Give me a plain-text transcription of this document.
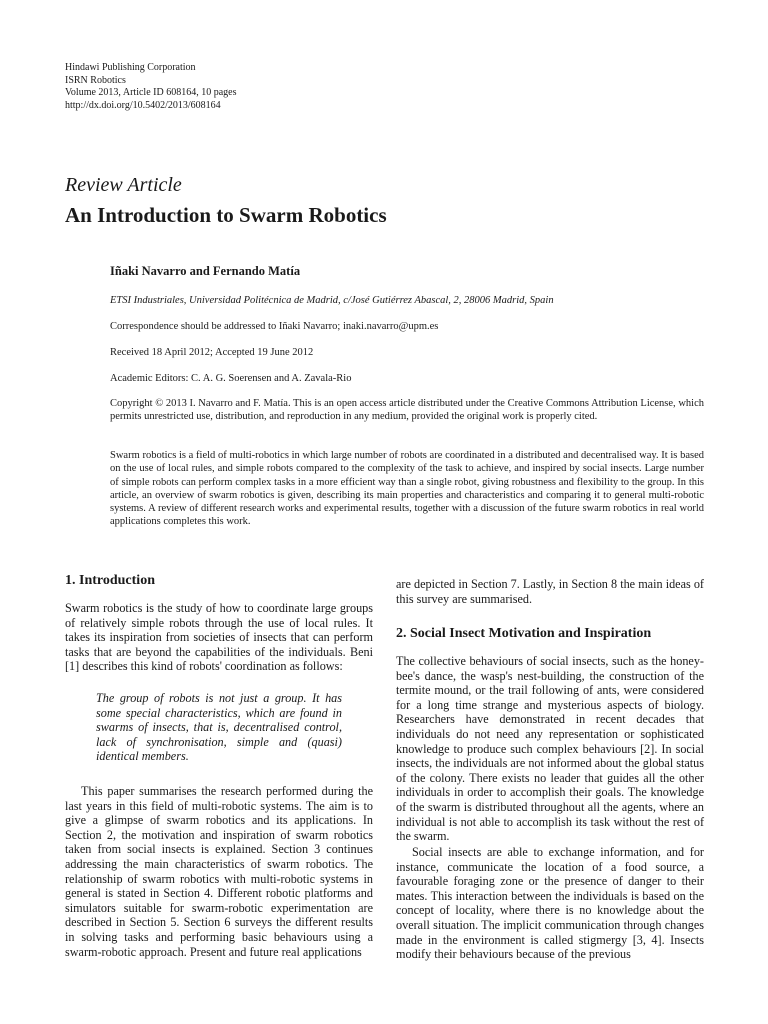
Hindawi Publishing Corporation
ISRN Robotics
Volume 2013, Article ID 608164, 10 pages
http://dx.doi.org/10.5402/2013/608164
Review Article
An Introduction to Swarm Robotics
Iñaki Navarro and Fernando Matía

ETSI Industriales, Universidad Politécnica de Madrid, c/José Gutiérrez Abascal, 2, 28006 Madrid, Spain

Correspondence should be addressed to Iñaki Navarro; inaki.navarro@upm.es

Received 18 April 2012; Accepted 19 June 2012

Academic Editors: C. A. G. Soerensen and A. Zavala-Rio

Copyright © 2013 I. Navarro and F. Matía. This is an open access article distributed under the Creative Commons Attribution License, which permits unrestricted use, distribution, and reproduction in any medium, provided the original work is properly cited.

Swarm robotics is a field of multi-robotics in which large number of robots are coordinated in a distributed and decentralised way. It is based on the use of local rules, and simple robots compared to the complexity of the task to achieve, and inspired by social insects. Large number of simple robots can perform complex tasks in a more efficient way than a single robot, giving robustness and flexibility to the group. In this article, an overview of swarm robotics is given, describing its main properties and characteristics and comparing it to general multi-robotic systems. A review of different research works and experimental results, together with a discussion of the future swarm robotics in real world applications completes this work.

1. Introduction

Swarm robotics is the study of how to coordinate large groups of relatively simple robots through the use of local rules. It takes its inspiration from societies of insects that can perform tasks that are beyond the capabilities of the individuals. Beni [1] describes this kind of robots' coordination as follows:

The group of robots is not just a group. It has some special characteristics, which are found in swarms of insects, that is, decentralised control, lack of synchronisation, simple and (quasi) identical members.

This paper summarises the research performed during the last years in this field of multi-robotic systems. The aim is to give a glimpse of swarm robotics and its applications. In Section 2, the motivation and inspiration of swarm robotics taken from social insects is explained. Section 3 continues addressing the main characteristics of swarm robotics. The relationship of swarm robotics with multi-robotic systems in general is stated in Section 4. Different robotic platforms and simulators suitable for swarm-robotic experimentation are described in Section 5. Section 6 surveys the different results in solving tasks and performing basic behaviours using a swarm-robotic approach. Present and future real applications

are depicted in Section 7. Lastly, in Section 8 the main ideas of this survey are summarised.

2. Social Insect Motivation and Inspiration

The collective behaviours of social insects, such as the honey-bee's dance, the wasp's nest-building, the construction of the termite mound, or the trail following of ants, were considered for a long time strange and mysterious aspects of biology. Researchers have demonstrated in recent decades that individuals do not need any representation or sophisticated knowledge to produce such complex behaviours [2]. In social insects, the individuals are not informed about the global status of the colony. There exists no leader that guides all the other individuals in order to accomplish their goals. The knowledge of the swarm is distributed throughout all the agents, where an individual is not able to accomplish its task without the rest of the swarm.

Social insects are able to exchange information, and for instance, communicate the location of a food source, a favourable foraging zone or the presence of danger to their mates. This interaction between the individuals is based on the concept of locality, where there is no knowledge about the overall situation. The implicit communication through changes made in the environment is called stigmergy [3, 4]. Insects modify their behaviours because of the previous
